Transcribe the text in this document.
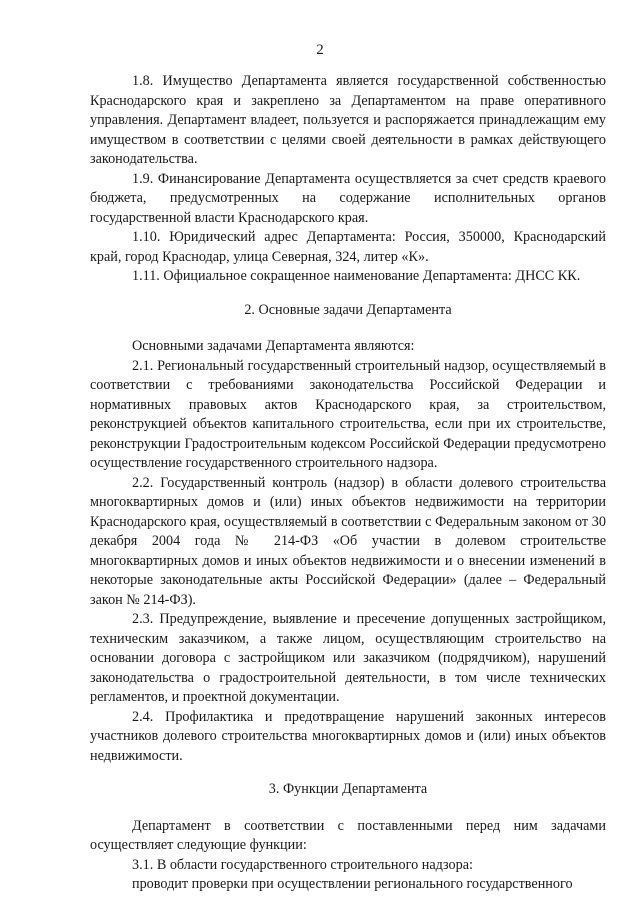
2

1.8. Имущество Департамента является государственной собственностью Краснодарского края и закреплено за Департаментом на праве оперативного управления. Департамент владеет, пользуется и распоряжается принадлежащим ему имуществом в соответствии с целями своей деятельности в рамках действующего законодательства.

1.9. Финансирование Департамента осуществляется за счет средств краевого бюджета, предусмотренных на содержание исполнительных органов государственной власти Краснодарского края.

1.10. Юридический адрес Департамента: Россия, 350000, Краснодарский край, город Краснодар, улица Северная, 324, литер «К».

1.11. Официальное сокращенное наименование Департамента: ДНСС КК.

2. Основные задачи Департамента

Основными задачами Департамента являются:

2.1. Региональный государственный строительный надзор, осуществляемый в соответствии с требованиями законодательства Российской Федерации и нормативных правовых актов Краснодарского края, за строительством, реконструкцией объектов капитального строительства, если при их строительстве, реконструкции Градостроительным кодексом Российской Федерации предусмотрено осуществление государственного строительного надзора.

2.2. Государственный контроль (надзор) в области долевого строительства многоквартирных домов и (или) иных объектов недвижимости на территории Краснодарского края, осуществляемый в соответствии с Федеральным законом от 30 декабря 2004 года № 214-ФЗ «Об участии в долевом строительстве многоквартирных домов и иных объектов недвижимости и о внесении изменений в некоторые законодательные акты Российской Федерации» (далее – Федеральный закон № 214-ФЗ).

2.3. Предупреждение, выявление и пресечение допущенных застройщиком, техническим заказчиком, а также лицом, осуществляющим строительство на основании договора с застройщиком или заказчиком (подрядчиком), нарушений законодательства о градостроительной деятельности, в том числе технических регламентов, и проектной документации.

2.4. Профилактика и предотвращение нарушений законных интересов участников долевого строительства многоквартирных домов и (или) иных объектов недвижимости.

3. Функции Департамента

Департамент в соответствии с поставленными перед ним задачами осуществляет следующие функции:

3.1. В области государственного строительного надзора:

проводит проверки при осуществлении регионального государственного
